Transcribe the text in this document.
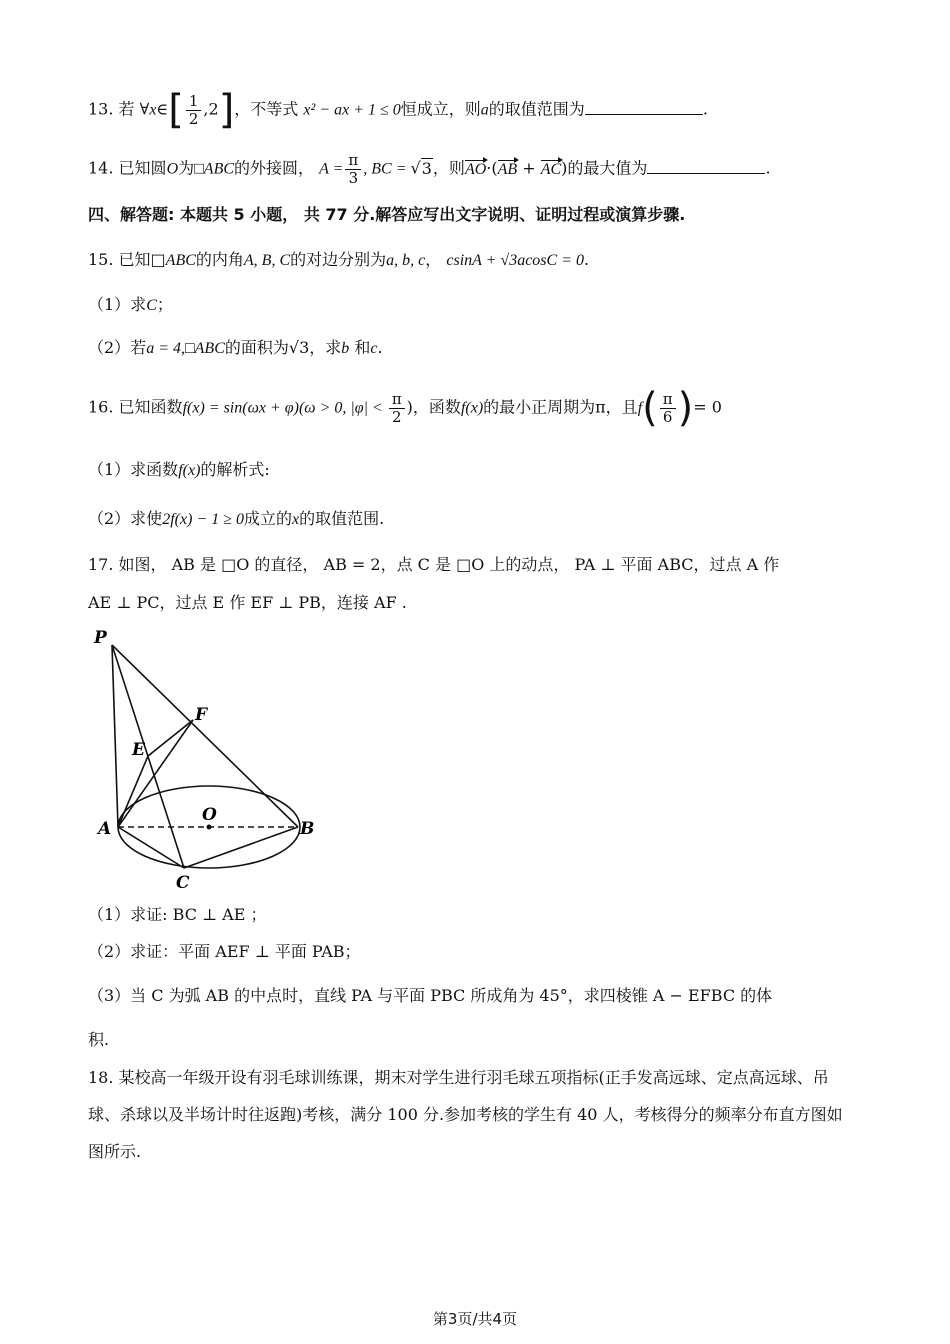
13. 若 ∀x∈[ $\frac{1}{2} ,2$]，不等式 x² − ax + 1 ≤ 0恒成立，则a的取值范围为	.
14. 已知圆O为□ABC的外接圆， $A = \frac{\pi}{3}$ , BC = √3，则AO·(AB + AC)的最大值为	.
四、解答题: 本题共 5 小题， 共 77 分.解答应写出文字说明、证明过程或演算步骤.
15. 已知□ABC的内角A, B, C的对边分别为a, b, c， csinA + √3acosC = 0.
（1）求C；
（2）若a = 4,□ABC的面积为√3，求b 和c.
16. 已知函数f(x) = sin(ωx + φ)(ω > 0, $|\varphi| < \frac{\pi}{2}$ )，函数f(x)的最小正周期为π，且$f( \frac{\pi}{6}$ )= 0
（1）求函数f(x)的解析式:
（2）求使2f(x) − 1 ≥ 0成立的x的取值范围.
17. 如图， AB 是 □O 的直径， AB = 2，点 C 是 □O 上的动点， PA ⊥ 平面 ABC，过点 A 作
AE ⊥ PC，过点 E 作 EF ⊥ PB，连接 AF .
P
F
E
O
A	B
C
（1）求证: BC ⊥ AE ；
（2）求证：平面 AEF ⊥ 平面 PAB；
（3）当 C 为弧 AB 的中点时，直线 PA 与平面 PBC 所成角为 45°，求四棱锥 A − EFBC 的体
积.
18. 某校高一年级开设有羽毛球训练课，期末对学生进行羽毛球五项指标(正手发高远球、定点高远球、吊
球、杀球以及半场计时往返跑)考核，满分 100 分.参加考核的学生有 40 人，考核得分的频率分布直方图如
图所示.
第3页/共4页
